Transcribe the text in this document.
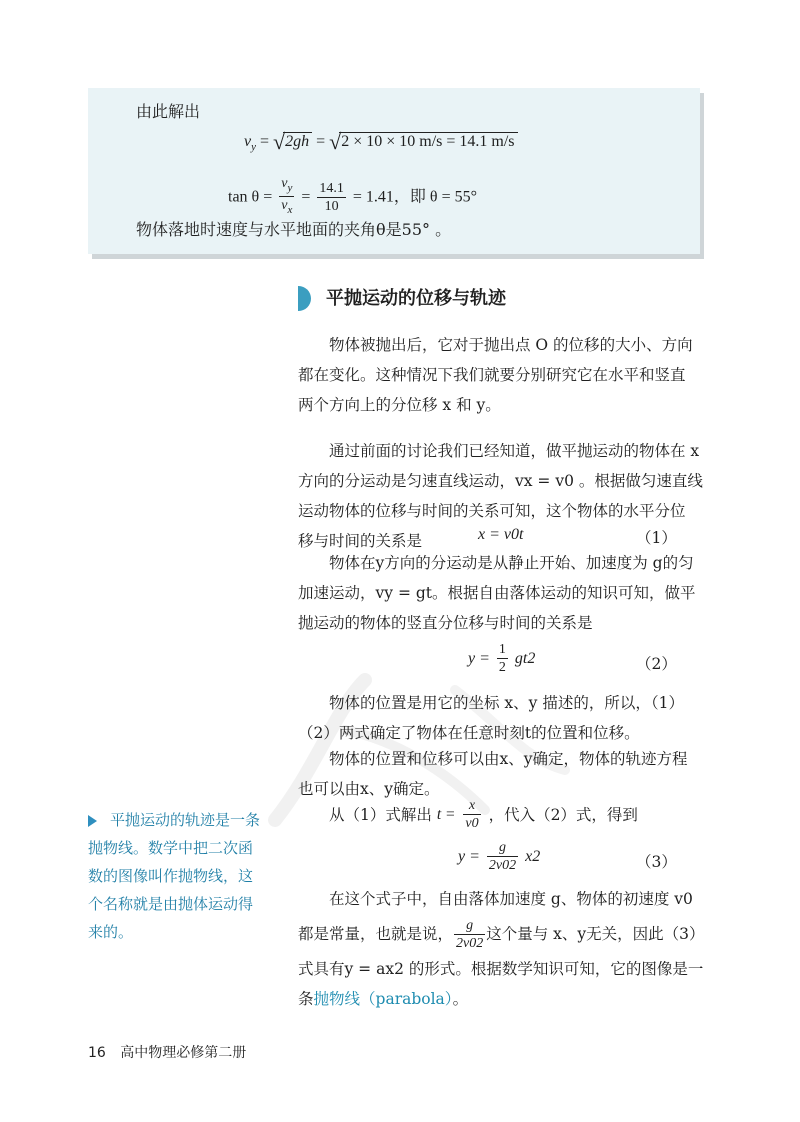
由此解出
$v_y = √2gh = √2 \times 10 \times 10$ m/s = 14.1 m/s
$\tan \theta = \frac{v_y}{v_x} = \frac{14.1}{10} = 1.41$，即 θ = 55°
物体落地时速度与水平地面的夹角θ是55° 。
平抛运动的位移与轨迹
物体被抛出后，它对于抛出点 O 的位移的大小、方向
都在变化。这种情况下我们就要分别研究它在水平和竖直
两个方向上的分位移 x 和 y。
通过前面的讨论我们已经知道，做平抛运动的物体在 x
方向的分运动是匀速直线运动，vx = v0 。根据做匀速直线
运动物体的位移与时间的关系可知，这个物体的水平分位
移与时间的关系是	x = v0t	（1）
物体在y方向的分运动是从静止开始、加速度为 g的匀
加速运动，vy = gt。根据自由落体运动的知识可知，做平
抛运动的物体的竖直分位移与时间的关系是
$y = \frac{1}{2} gt2$	（2）
物体的位置是用它的坐标 x、y 描述的，所以，（1）
（2）两式确定了物体在任意时刻t的位置和位移。
物体的位置和位移可以由x、y确定，物体的轨迹方程
也可以由x、y确定。
从（1）式解出 $t = \frac{x}{v0}$ ，代入（2）式，得到
$y = \frac{g}{2v02} x2$	（3）
在这个式子中，自由落体加速度 g、物体的初速度 v0
都是常量，也就是说， $\frac{g}{2v02}$ 这个量与 x、y无关，因此（3）
式具有y = ax2 的形式。根据数学知识可知，它的图像是一
条抛物线（parabola）。
平抛运动的轨迹是一条
抛物线。数学中把二次函
数的图像叫作抛物线，这
个名称就是由抛体运动得
来的。
16 高中物理必修第二册
